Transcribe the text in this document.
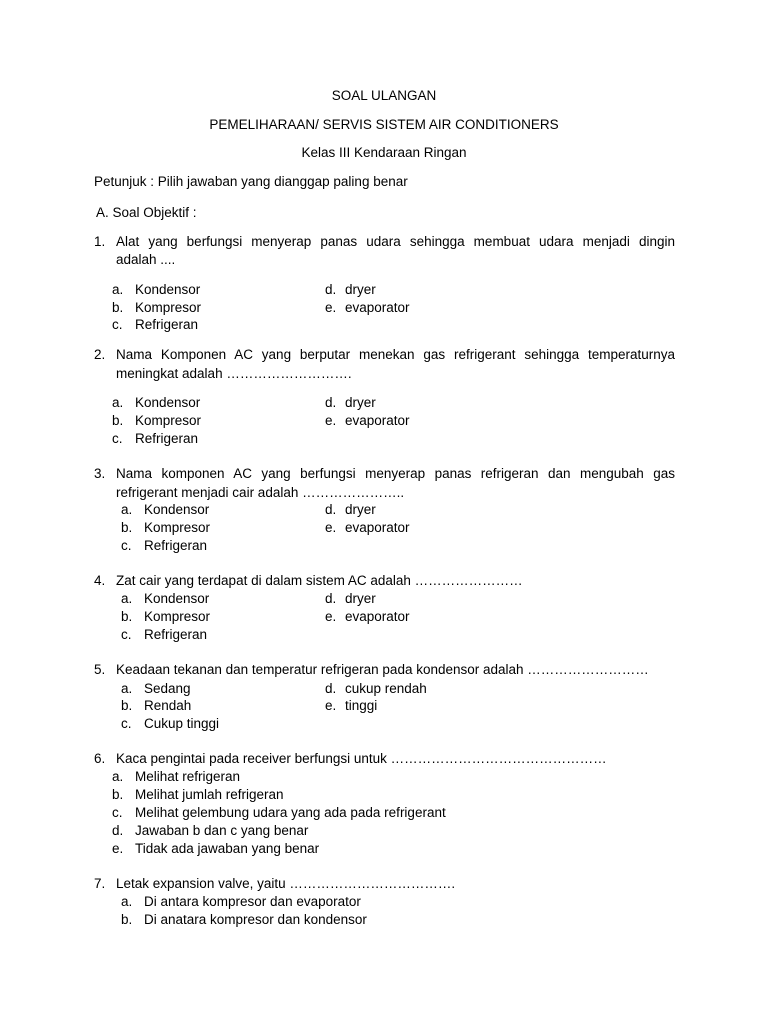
SOAL ULANGAN
PEMELIHARAAN/ SERVIS SISTEM AIR CONDITIONERS
Kelas III Kendaraan Ringan
Petunjuk : Pilih jawaban yang dianggap paling benar
A. Soal Objektif :
1. Alat yang berfungsi menyerap panas udara sehingga membuat udara menjadi dingin
adalah ....
a. Kondensor	d. dryer
b. Kompresor	e. evaporator
c. Refrigeran
2. Nama Komponen AC yang berputar menekan gas refrigerant sehingga temperaturnya
meningkat adalah ……………………….
a. Kondensor	d. dryer
b. Kompresor	e. evaporator
c. Refrigeran
3. Nama komponen AC yang berfungsi menyerap panas refrigeran dan mengubah gas
refrigerant menjadi cair adalah …………………..
a. Kondensor	d. dryer
b. Kompresor	e. evaporator
c. Refrigeran
4. Zat cair yang terdapat di dalam sistem AC adalah ……………………
a. Kondensor	d. dryer
b. Kompresor	e. evaporator
c. Refrigeran
5. Keadaan tekanan dan temperatur refrigeran pada kondensor adalah ………………………
a. Sedang	d. cukup rendah
b. Rendah	e. tinggi
c. Cukup tinggi
6. Kaca pengintai pada receiver berfungsi untuk …………………………………………
a. Melihat refrigeran
b. Melihat jumlah refrigeran
c. Melihat gelembung udara yang ada pada refrigerant
d. Jawaban b dan c yang benar
e. Tidak ada jawaban yang benar
7. Letak expansion valve, yaitu ……………………………….
a. Di antara kompresor dan evaporator
b. Di anatara kompresor dan kondensor
